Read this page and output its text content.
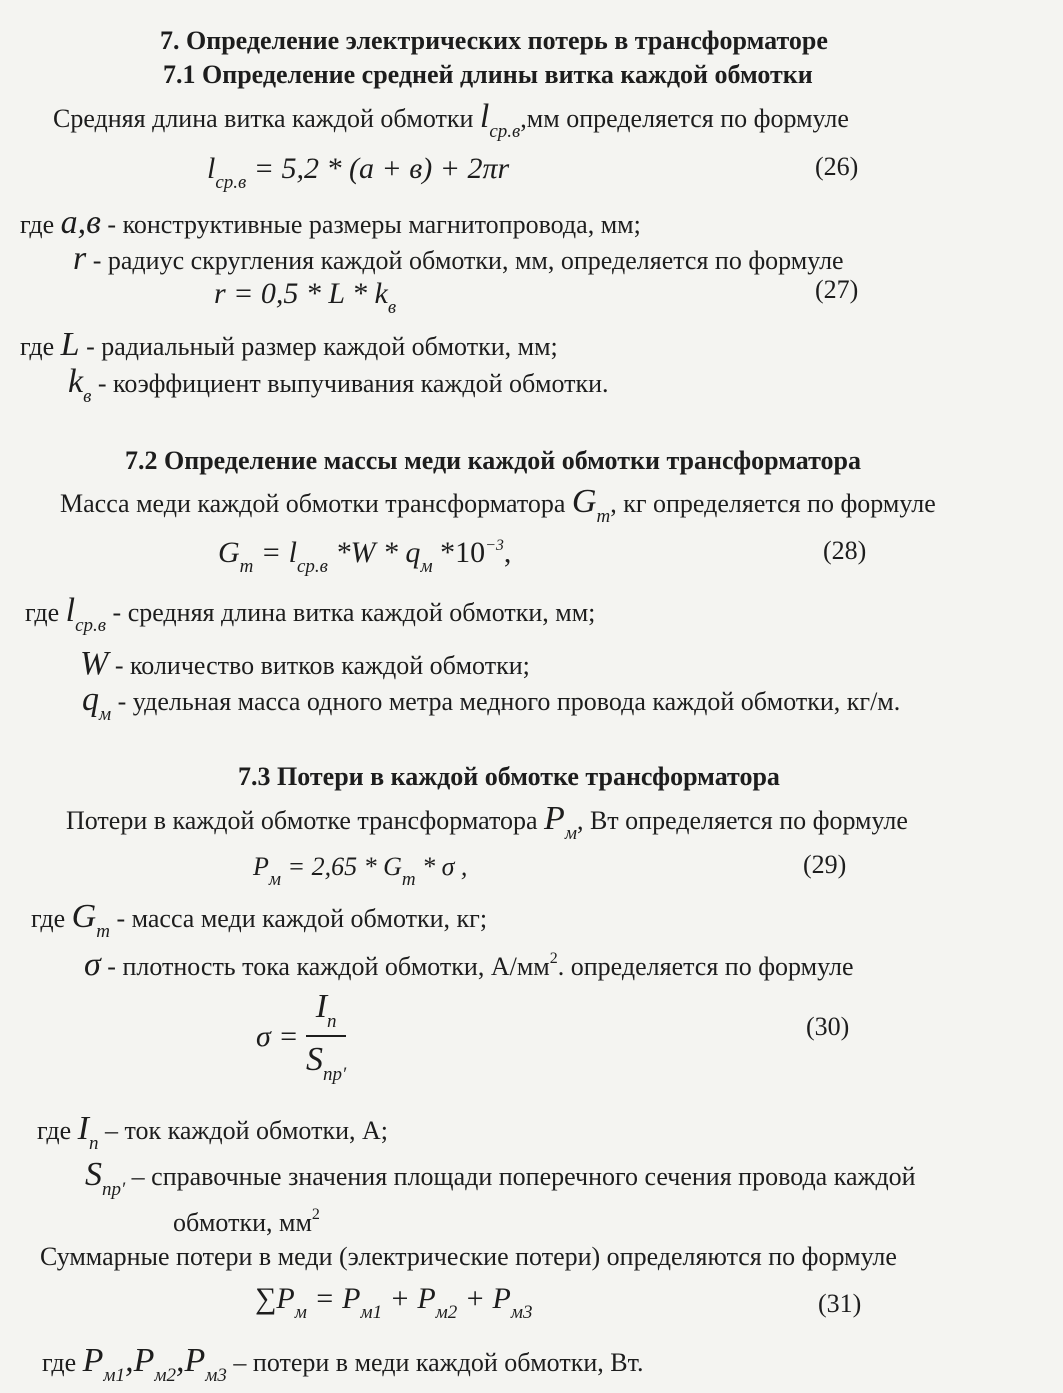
7. Определение электрических потерь в трансформаторе
7.1 Определение средней длины витка каждой обмотки
Средняя длина витка каждой обмотки $l_{ср.в},мм$ определяется по формуле
$l_{ср.в} = 5,2 * (a + в) + 2\pi r$	(26)
где a,в - конструктивные размеры магнитопровода, мм;
r - радиус скругления каждой обмотки, мм, определяется по формуле
$r = 0,5 * L * k_в$
(27)
где L - радиальный размер каждой обмотки, мм;
$k_в$ - коэффициент выпучивания каждой обмотки.
7.2 Определение массы меди каждой обмотки трансформатора
Масса меди каждой обмотки трансформатора $G_m$, кг определяется по формуле
$G_m = l_{ср.в}$ $*W * q_м$ $*10^{-3}$,	(28)
где $l_{ср.в}$ - средняя длина витка каждой обмотки, мм;
W - количество витков каждой обмотки;
$q_м$ - удельная масса одного метра медного провода каждой обмотки, кг/м.
7.3 Потери в каждой обмотке трансформатора
Потери в каждой обмотке трансформатора $P_м$, Вт определяется по формуле
$P_м = 2,65 * G_m * \sigma$ ,	(29)
где $G_m$ - масса меди каждой обмотки, кг;
σ - плотность тока каждой обмотки, $А/мм^2$. определяется по формуле
$\sigma = \frac{I_n}{S_{np'}}$	(30)
где $I_n$ – ток каждой обмотки, А;
$S_{np'}$ – справочные значения площади поперечного сечения провода каждой
обмотки, $мм^2$
Суммарные потери в меди (электрические потери) определяются по формуле
$\sum P_м = P_{м1} + P_{м2} + P_{м3}$	(31)
где $P_{м1},P_{м2},P_{м3}$ – потери в меди каждой обмотки, Вт.
